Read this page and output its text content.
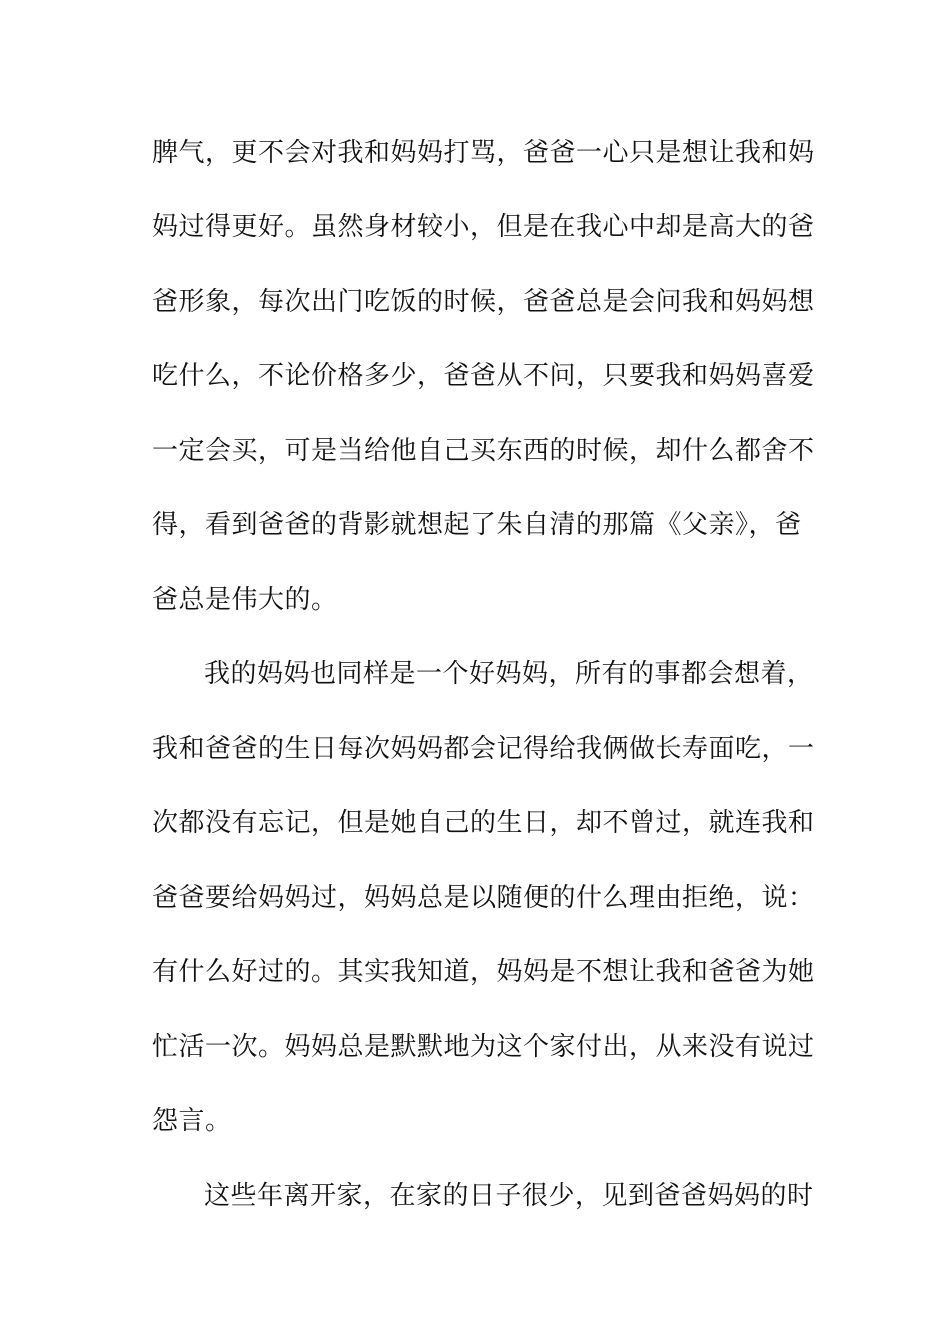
脾气，更不会对我和妈妈打骂，爸爸一心只是想让我和妈
妈过得更好。虽然身材较小，但是在我心中却是高大的爸
爸形象，每次出门吃饭的时候，爸爸总是会问我和妈妈想
吃什么，不论价格多少，爸爸从不问，只要我和妈妈喜爱
一定会买，可是当给他自己买东西的时候，却什么都舍不
得，看到爸爸的背影就想起了朱自清的那篇《父亲》，爸
爸总是伟大的。
我的妈妈也同样是一个好妈妈，所有的事都会想着，
我和爸爸的生日每次妈妈都会记得给我俩做长寿面吃，一
次都没有忘记，但是她自己的生日，却不曾过，就连我和
爸爸要给妈妈过，妈妈总是以随便的什么理由拒绝，说：
有什么好过的。其实我知道，妈妈是不想让我和爸爸为她
忙活一次。妈妈总是默默地为这个家付出，从来没有说过
怨言。
这些年离开家，在家的日子很少，见到爸爸妈妈的时
